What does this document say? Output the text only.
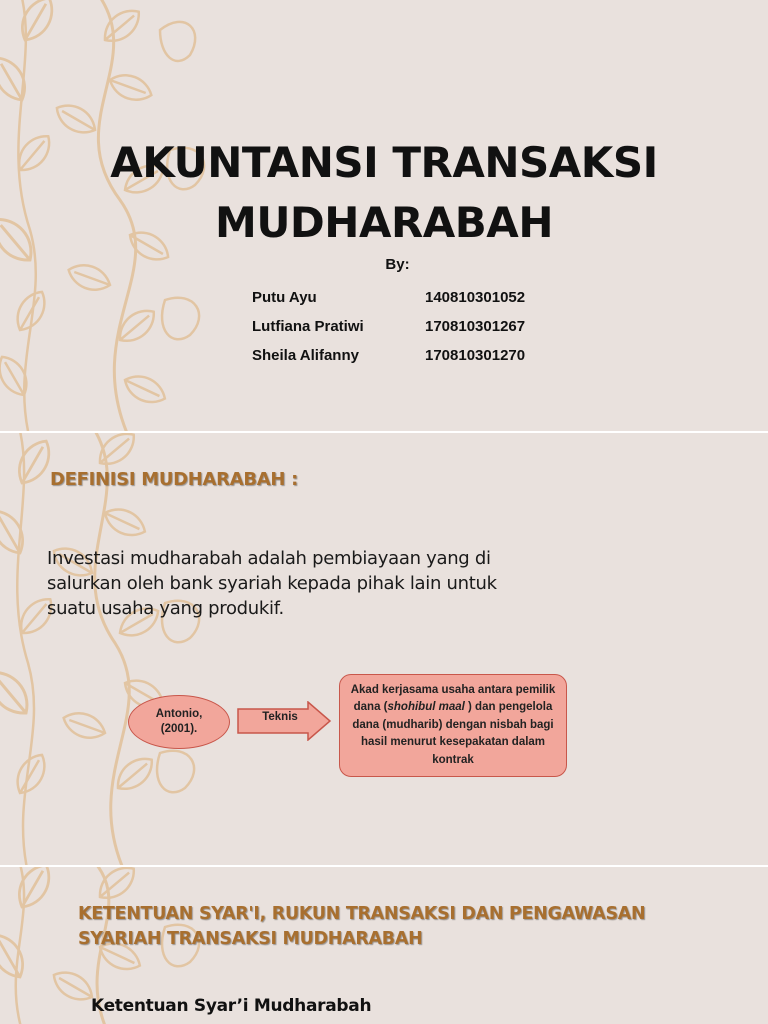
AKUNTANSI TRANSAKSI
MUDHARABAH
By:
Putu Ayu	140810301052
Lutfiana Pratiwi	170810301267
Sheila Alifanny	170810301270
DEFINISI MUDHARABAH :
Investasi mudharabah adalah pembiayaan yang di salurkan oleh bank syariah kepada pihak lain untuk suatu usaha yang produkif.
Antonio,
(2001).
Teknis
Akad kerjasama usaha antara pemilik dana (shohibul maal ) dan pengelola dana (mudharib) dengan nisbah bagi hasil menurut kesepakatan dalam kontrak
KETENTUAN SYAR'I, RUKUN TRANSAKSI DAN PENGAWASAN SYARIAH TRANSAKSI MUDHARABAH
Ketentuan Syar’i Mudharabah
